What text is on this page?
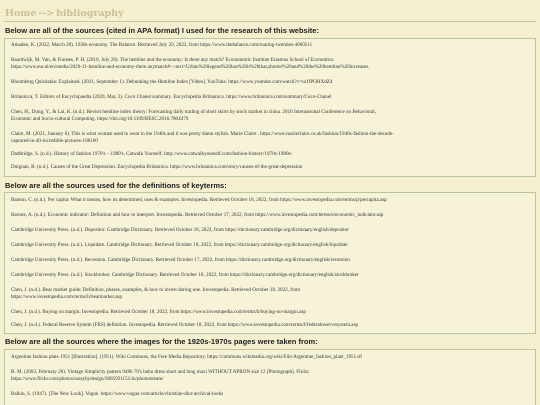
Home --> bibliography
Below are all of the sources (cited in APA format) I used for the research of this website:
Amadeo, K. (2022, March 28). 1920s economy. The Balance. Retrieved July 29, 2022, from https://www.thebalance.com/roaring-twenties-4060511
Baardwijk, M. Van, & Franses, P. H. (2010, July 28). The hemline and the economy: Is there any match? Econometric Institute Erasmus School of Economics.
https://www.eur.nl/en/media/2020-11-hemline-and-economy-there anymatch#:~:text=Urban%20legend%20has%20it%20that,shorter%20and%20the%20hemline%20increases.
Bloomberg Quicktake: Explained. (2021, September 1). Debunking the Hemline Index [Video]. YouTube. https://www.youtube.com/watch?v=ui1fPOHXdZ4
Britannica, T. Editors of Encyclopaedia (2020, May 2). Coco Chanel summary. Encyclopedia Britannica. https://www.britannica.com/summary/Coco-Chanel
Chen, H., Dong, Y., & Lai, K. (n.d.). Revisit hemline index theory: Forecasting daily trading of short skirts by stock market in china. 2016 International Conference on Behavioral,
Economic and Socio-cultural Computing. https://doi.org/10.1109/BESC.2016.7804479
Claire, M. (2021, January 6). This is what women used to wear in the 1940s and it was pretty damn stylish. Marie Claire . https://www.marieclaire.co.uk/fashion/1940s-fashion-the-decade-
captured-in-40-incredible-pictures-108160
Dadbridge, S. (n.d.). History of fashion 1970's – 1980's. Catwalk Yourself. http://www.catwalkyourself.com/fashion-history/1970s-1980s/
Duignan, B. (n.d.). Causes of the Great Depression. Encyclopedia Britannica. https://www.britannica.com/story/causes-of-the-great-depression
Below are all the sources used for the definitions of keyterms:
Banton, C. (n.d.). Per capita: What it means, how its determined, uses & examples. Investopedia. Retrieved October 18, 2022, from https://www.investopedia.com/terms/p/percapita.asp
Barone, A. (n.d.). Economic indicator: Definition and how to interpret. Investopedia. Retrieved October 17, 2022, from https://www.investopedia.com/terms/e/economic_indicator.asp
Cambridge University Press. (n.d.). Depositor. Cambridge Dictionary. Retrieved October 18, 2022, from https://dictionary.cambridge.org/dictionary/english/depositor
Cambridge University Press. (n.d.). Liquidate. Cambridge Dictionary. Retrieved October 18, 2022, from https://dictionary.cambridge.org/dictionary/english/liquidate
Cambridge University Press. (n.d.). Recession. Cambridge Dictionary. Retrieved October 17, 2022, from https://dictionary.cambridge.org/dictionary/english/recession
Cambridge University Press. (n.d.). Stockbroker. Cambridge Dictionary. Retrieved October 18, 2022, from https://dictionary.cambridge.org/dictionary/english/stockbroker
Chen, J. (n.d.). Bear market guide: Definition, phases, examples, & how to invest during one. Investopedia. Retrieved October 18, 2022, from
https://www.investopedia.com/terms/b/bearmarket.asp
Chen, J. (n.d.). Buying on margin. Investopedia. Retrieved October 18, 2022, from https://www.investopedia.com/terms/b/buying-on-margin.asp
Chen, J. (n.d.). Federal Reserve System (FRS) definition. Investopedia. Retrieved October 18, 2022, from https://www.investopedia.com/terms/f/federalreservesystem.asp
Below are all the sources where the images for the 1920s-1970s pages were taken from:
Argentine fashion plate 1951 [Illustration]. (1951). Wiki Commons, the Free Media Repository. https://commons.wikimedia.org/wiki/File:Argentine_fashion_plate_1951.tif
B. M. (2003, February 28). Vintage Simplicity pattern 9486 70's boho dress short and long maxi WITHOUT APRON size 12 [Photograph]. Flickr.
https://www.flickr.com/photos/sassybydesign/3005931151/in/photostream/
Balkin, S. (1947). [The New Look]. Vogue. https://www.vogue.com/article/christian-dior-archival-looks
